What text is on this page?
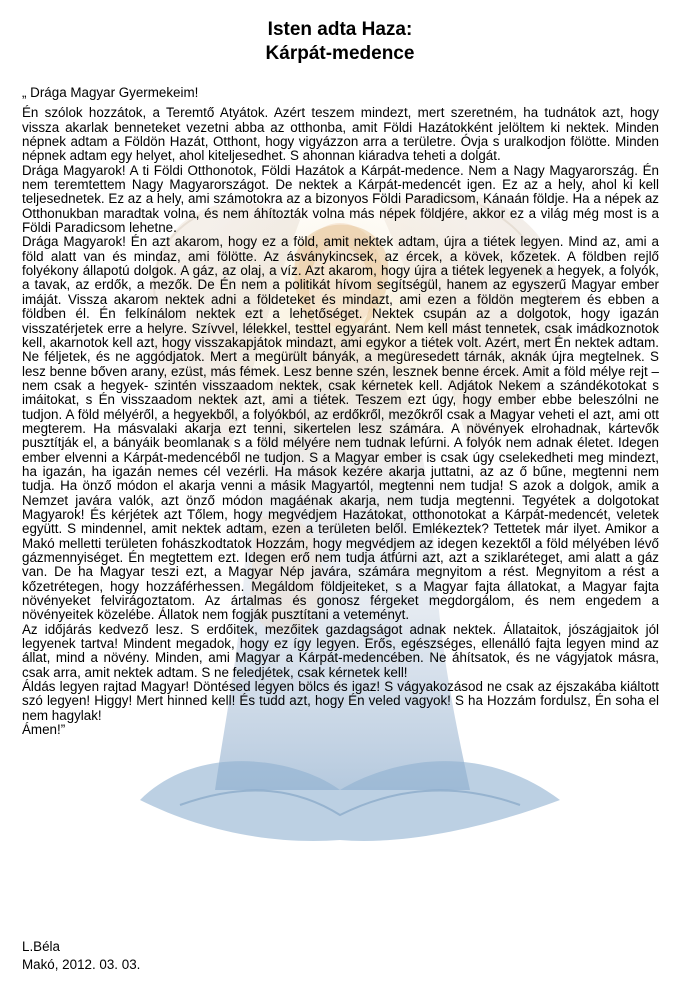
Isten adta Haza:
Kárpát-medence

„ Drága Magyar Gyermekeim!

Én szólok hozzátok, a Teremtő Atyátok. Azért teszem mindezt, mert szeretném, ha tudnátok azt, hogy vissza akarlak benneteket vezetni abba az otthonba, amit Földi Hazátokként jelöltem ki nektek. Minden népnek adtam a Földön Hazát, Otthont, hogy vigyázzon arra a területre. Óvja s uralkodjon fölötte. Minden népnek adtam egy helyet, ahol kiteljesedhet. S ahonnan kiáradva teheti a dolgát.

Drága Magyarok! A ti Földi Otthonotok, Földi Hazátok a Kárpát-medence. Nem a Nagy Magyarország. Én nem teremtettem Nagy Magyarországot. De nektek a Kárpát-medencét igen. Ez az a hely, ahol ki kell teljesednetek. Ez az a hely, ami számotokra az a bizonyos Földi Paradicsom, Kánaán földje. Ha a népek az Otthonukban maradtak volna, és nem áhítozták volna más népek földjére, akkor ez a világ még most is a Földi Paradicsom lehetne.

Drága Magyarok! Én azt akarom, hogy ez a föld, amit nektek adtam, újra a tiétek legyen. Mind az, ami a föld alatt van és mindaz, ami fölötte. Az ásványkincsek, az ércek, a kövek, kőzetek. A földben rejlő folyékony állapotú dolgok. A gáz, az olaj, a víz. Azt akarom, hogy újra a tiétek legyenek a hegyek, a folyók, a tavak, az erdők, a mezők. De Én nem a politikát hívom segítségül, hanem az egyszerű Magyar ember imáját. Vissza akarom nektek adni a földeteket és mindazt, ami ezen a földön megterem és ebben a földben él. Én felkínálom nektek ezt a lehetőséget. Nektek csupán az a dolgotok, hogy igazán visszatérjetek erre a helyre. Szívvel, lélekkel, testtel egyaránt. Nem kell mást tennetek, csak imádkoznotok kell, akarnotok kell azt, hogy visszakapjátok mindazt, ami egykor a tiétek volt. Azért, mert Én nektek adtam. Ne féljetek, és ne aggódjatok. Mert a megürült bányák, a megüresedett tárnák, aknák újra megtelnek. S lesz benne bőven arany, ezüst, más fémek. Lesz benne szén, lesznek benne ércek. Amit a föld mélye rejt – nem csak a hegyek- szintén visszaadom nektek, csak kérnetek kell. Adjátok Nekem a szándékotokat s imáitokat, s Én visszaadom nektek azt, ami a tiétek. Teszem ezt úgy, hogy ember ebbe beleszólni ne tudjon. A föld mélyéről, a hegyekből, a folyókból, az erdőkről, mezőkről csak a Magyar veheti el azt, ami ott megterem. Ha másvalaki akarja ezt tenni, sikertelen lesz számára. A növények elrohadnak, kártevők pusztítják el, a bányáik beomlanak s a föld mélyére nem tudnak lefúrni. A folyók nem adnak életet. Idegen ember elvenni a Kárpát-medencéből ne tudjon. S a Magyar ember is csak úgy cselekedheti meg mindezt, ha igazán, ha igazán nemes cél vezérli. Ha mások kezére akarja juttatni, az az ő bűne, megtenni nem tudja. Ha önző módon el akarja venni a másik Magyartól, megtenni nem tudja! S azok a dolgok, amik a Nemzet javára valók, azt önző módon magáénak akarja, nem tudja megtenni. Tegyétek a dolgotokat Magyarok! És kérjétek azt Tőlem, hogy megvédjem Hazátokat, otthonotokat a Kárpát-medencét, veletek együtt. S mindennel, amit nektek adtam, ezen a területen belől. Emlékeztek? Tettetek már ilyet. Amikor a Makó melletti területen fohászkodtatok Hozzám, hogy megvédjem az idegen kezektől a föld mélyében lévő gázmennyiséget. Én megtettem ezt. Idegen erő nem tudja átfúrni azt, azt a sziklaréteget, ami alatt a gáz van. De ha Magyar teszi ezt, a Magyar Nép javára, számára megnyitom a rést. Megnyitom a rést a kőzetrétegen, hogy hozzáférhessen. Megáldom földjeiteket, s a Magyar fajta állatokat, a Magyar fajta növényeket felvirágoztatom. Az ártalmas és gonosz férgeket megdorgálom, és nem engedem a növényeitek közelébe. Állatok nem fogják pusztítani a veteményt.

Az időjárás kedvező lesz. S erdőitek, mezőitek gazdagságot adnak nektek. Állataitok, jószágjaitok jól legyenek tartva! Mindent megadok, hogy ez így legyen. Erős, egészséges, ellenálló fajta legyen mind az állat, mind a növény. Minden, ami Magyar a Kárpát-medencében. Ne áhítsatok, és ne vágyjatok másra, csak arra, amit nektek adtam. S ne feledjétek, csak kérnetek kell!

Áldás legyen rajtad Magyar! Döntésed legyen bölcs és igaz! S vágyakozásod ne csak az éjszakába kiáltott szó legyen! Higgy! Mert hinned kell! És tudd azt, hogy Én veled vagyok! S ha Hozzám fordulsz, Én soha el nem hagylak!

Ámen!”

L.Béla
Makó, 2012. 03. 03.
